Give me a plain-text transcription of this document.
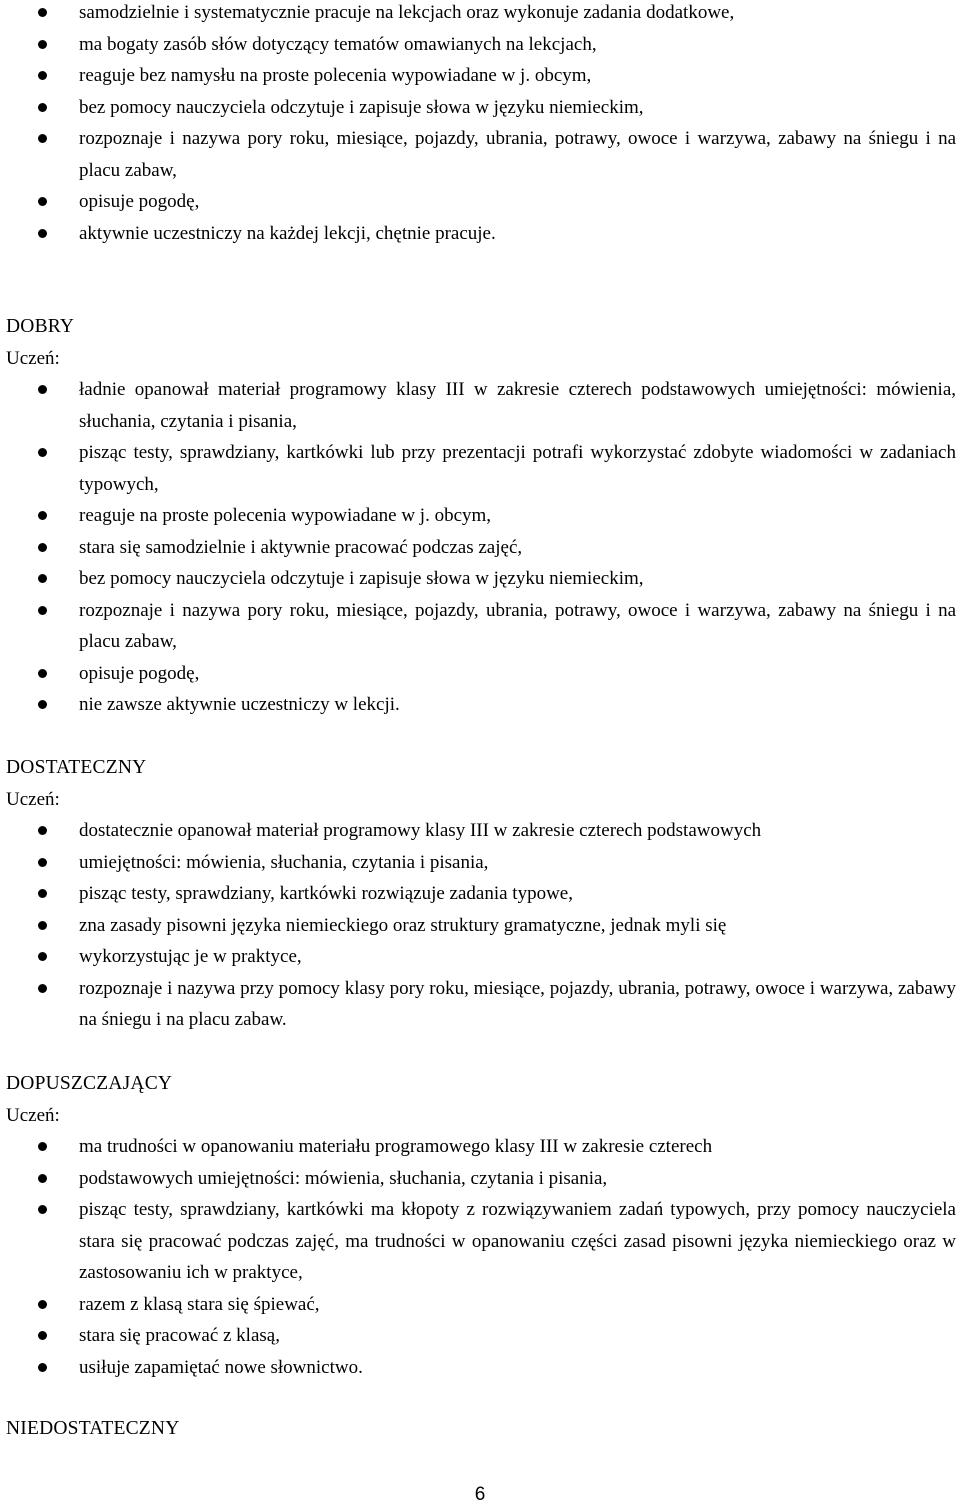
samodzielnie i systematycznie pracuje na lekcjach oraz wykonuje zadania dodatkowe,
ma bogaty zasób słów dotyczący tematów omawianych na lekcjach,
reaguje bez namysłu na proste polecenia wypowiadane w j. obcym,
bez pomocy nauczyciela odczytuje i zapisuje słowa w języku niemieckim,
rozpoznaje i nazywa pory roku, miesiące, pojazdy, ubrania, potrawy, owoce i warzywa, zabawy na śniegu i na placu zabaw,
opisuje pogodę,
aktywnie uczestniczy na każdej lekcji, chętnie pracuje.

DOBRY

Uczeń:

ładnie opanował materiał programowy klasy III w zakresie czterech podstawowych umiejętności: mówienia, słuchania, czytania i pisania,
pisząc testy, sprawdziany, kartkówki lub przy prezentacji potrafi wykorzystać zdobyte wiadomości w zadaniach typowych,
reaguje na proste polecenia wypowiadane w j. obcym,
stara się samodzielnie i aktywnie pracować podczas zajęć,
bez pomocy nauczyciela odczytuje i zapisuje słowa w języku niemieckim,
rozpoznaje i nazywa pory roku, miesiące, pojazdy, ubrania, potrawy, owoce i warzywa, zabawy na śniegu i na placu zabaw,
opisuje pogodę,
nie zawsze aktywnie uczestniczy w lekcji.

DOSTATECZNY

Uczeń:

dostatecznie opanował materiał programowy klasy III w zakresie czterech podstawowych
umiejętności: mówienia, słuchania, czytania i pisania,
pisząc testy, sprawdziany, kartkówki rozwiązuje zadania typowe,
zna zasady pisowni języka niemieckiego oraz struktury gramatyczne, jednak myli się
wykorzystując je w praktyce,
rozpoznaje i nazywa przy pomocy klasy pory roku, miesiące, pojazdy, ubrania, potrawy, owoce i warzywa, zabawy na śniegu i na placu zabaw.

DOPUSZCZAJĄCY

Uczeń:

ma trudności w opanowaniu materiału programowego klasy III w zakresie czterech
podstawowych umiejętności: mówienia, słuchania, czytania i pisania,
pisząc testy, sprawdziany, kartkówki ma kłopoty z rozwiązywaniem zadań typowych, przy pomocy nauczyciela stara się pracować podczas zajęć, ma trudności w opanowaniu części zasad pisowni języka niemieckiego oraz w zastosowaniu ich w praktyce,
razem z klasą stara się śpiewać,
stara się pracować z klasą,
usiłuje zapamiętać nowe słownictwo.

NIEDOSTATECZNY

6
